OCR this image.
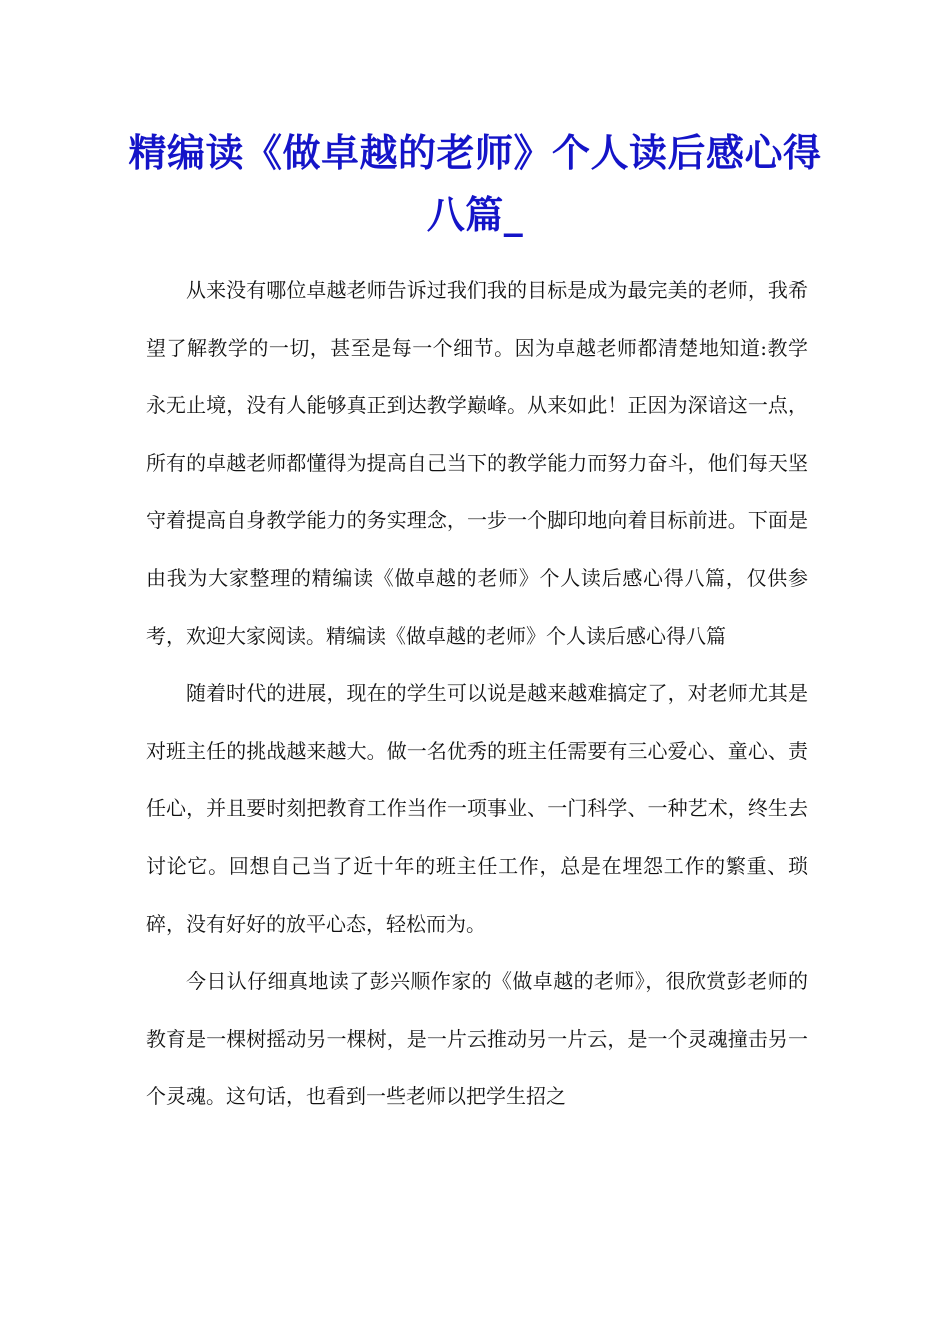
精编读《做卓越的老师》个人读后感心得八篇_

从来没有哪位卓越老师告诉过我们我的目标是成为最完美的老师，我希望了解教学的一切，甚至是每一个细节。因为卓越老师都清楚地知道:教学永无止境，没有人能够真正到达教学巅峰。从来如此！正因为深谙这一点，所有的卓越老师都懂得为提高自己当下的教学能力而努力奋斗，他们每天坚守着提高自身教学能力的务实理念，一步一个脚印地向着目标前进。下面是由我为大家整理的精编读《做卓越的老师》个人读后感心得八篇，仅供参考，欢迎大家阅读。精编读《做卓越的老师》个人读后感心得八篇

随着时代的进展，现在的学生可以说是越来越难搞定了，对老师尤其是对班主任的挑战越来越大。做一名优秀的班主任需要有三心爱心、童心、责任心，并且要时刻把教育工作当作一项事业、一门科学、一种艺术，终生去讨论它。回想自己当了近十年的班主任工作，总是在埋怨工作的繁重、琐碎，没有好好的放平心态，轻松而为。

今日认仔细真地读了彭兴顺作家的《做卓越的老师》，很欣赏彭老师的 教育是一棵树摇动另一棵树，是一片云推动另一片云，是一个灵魂撞击另一个灵魂。这句话，也看到一些老师以把学生招之
